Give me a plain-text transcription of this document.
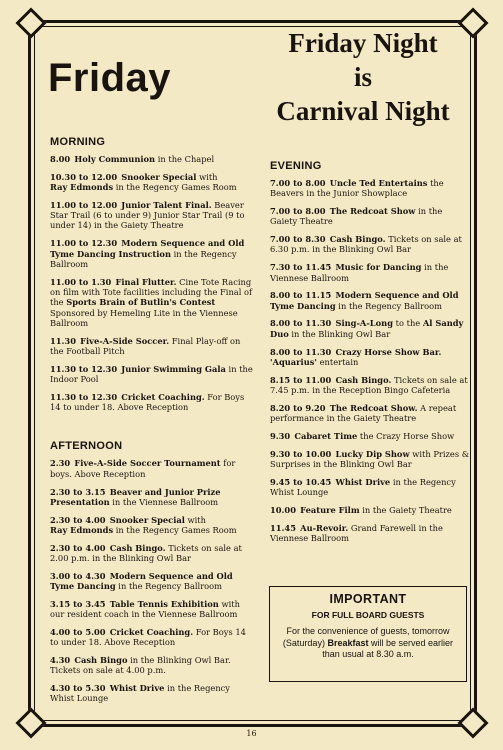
Friday
Friday Night
is
Carnival Night
MORNING
8.00  Holy Communion in the Chapel
10.30 to 12.00  Snooker Special with
Ray Edmonds in the Regency Games Room
11.00 to 12.00  Junior Talent Final. Beaver Star Trail (6 to under 9) Junior Star Trail (9 to under 14) in the Gaiety Theatre
11.00 to 12.30  Modern Sequence and Old Tyme Dancing Instruction in the Regency Ballroom
11.00 to 1.30  Final Flutter. Cine Tote Racing on film with Tote facilities including the Final of the Sports Brain of Butlin's Contest Sponsored by Hemeling Lite in the Viennese Ballroom
11.30  Five-A-Side Soccer. Final Play-off on the Football Pitch
11.30 to 12.30  Junior Swimming Gala in the Indoor Pool
11.30 to 12.30  Cricket Coaching. For Boys 14 to under 18. Above Reception
AFTERNOON
2.30  Five-A-Side Soccer Tournament for boys. Above Reception
2.30 to 3.15  Beaver and Junior Prize Presentation in the Viennese Ballroom
2.30 to 4.00  Snooker Special with
Ray Edmonds in the Regency Games Room
2.30 to 4.00  Cash Bingo. Tickets on sale at 2.00 p.m. in the Blinking Owl Bar
3.00 to 4.30  Modern Sequence and Old Tyme Dancing in the Regency Ballroom
3.15 to 3.45  Table Tennis Exhibition with our resident coach in the Viennese Ballroom
4.00 to 5.00  Cricket Coaching. For Boys 14 to under 18. Above Reception
4.30  Cash Bingo in the Blinking Owl Bar. Tickets on sale at 4.00 p.m.
4.30 to 5.30  Whist Drive in the Regency Whist Lounge
EVENING
7.00 to 8.00  Uncle Ted Entertains the Beavers in the Junior Showplace
7.00 to 8.00  The Redcoat Show in the Gaiety Theatre
7.00 to 8.30  Cash Bingo. Tickets on sale at 6.30 p.m. in the Blinking Owl Bar
7.30 to 11.45  Music for Dancing in the Viennese Ballroom
8.00 to 11.15  Modern Sequence and Old Tyme Dancing in the Regency Ballroom
8.00 to 11.30  Sing-A-Long to the Al Sandy Duo in the Blinking Owl Bar
8.00 to 11.30  Crazy Horse Show Bar. 'Aquarius' entertain
8.15 to 11.00  Cash Bingo. Tickets on sale at 7.45 p.m. in the Reception Bingo Cafeteria
8.20 to 9.20  The Redcoat Show. A repeat performance in the Gaiety Theatre
9.30  Cabaret Time the Crazy Horse Show
9.30 to 10.00  Lucky Dip Show with Prizes & Surprises in the Blinking Owl Bar
9.45 to 10.45  Whist Drive in the Regency Whist Lounge
10.00  Feature Film in the Gaiety Theatre
11.45  Au-Revoir. Grand Farewell in the Viennese Ballroom
IMPORTANT
FOR FULL BOARD GUESTS
For the convenience of guests, tomorrow (Saturday) Breakfast will be served earlier than usual at 8.30 a.m.
16
